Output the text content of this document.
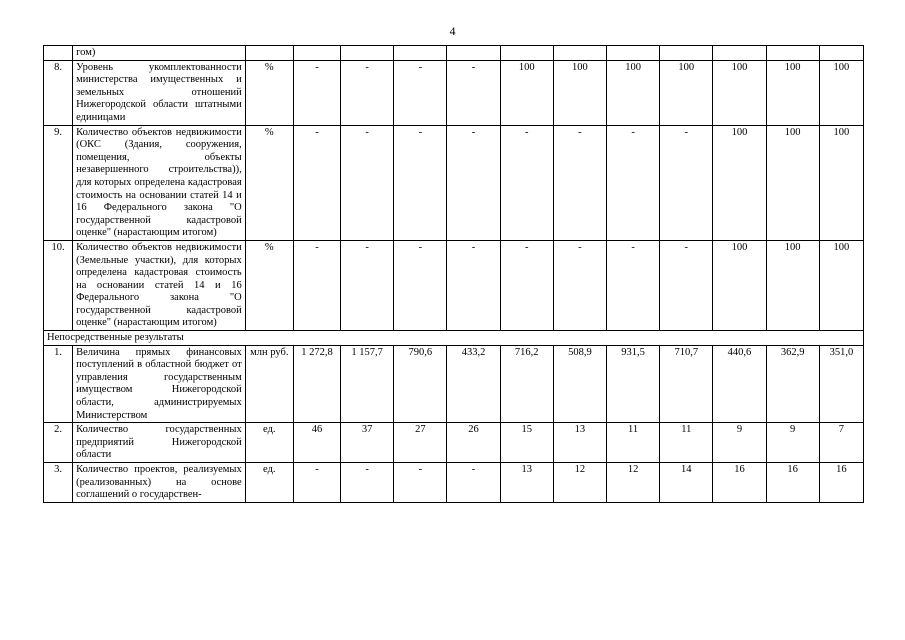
4
	гом)												
8.	Уровень укомплектованности министерства имущественных и земельных отношений Нижегородской области штатными единицами	%	-	-	-	-	100	100	100	100	100	100	100
9.	Количество объектов недвижимости (ОКС (Здания, сооружения, помещения, объекты незавершенного строительства)), для которых определена кадастровая стоимость на основании статей 14 и 16 Федерального закона "О государственной кадастровой оценке" (нарастающим итогом)	%	-	-	-	-	-	-	-	-	100	100	100
10.	Количество объектов недвижимости (Земельные участки), для которых определена кадастровая стоимость на основании статей 14 и 16 Федерального закона "О государственной кадастровой оценке" (нарастающим итогом)	%	-	-	-	-	-	-	-	-	100	100	100
Непосредственные результаты													
1.	Величина прямых финансовых поступлений в областной бюджет от управления государственным имуществом Нижегородской области, администрируемых Министерством	млн руб.	1 272,8	1 157,7	790,6	433,2	716,2	508,9	931,5	710,7	440,6	362,9	351,0
2.	Количество государственных предприятий Нижегородской области	ед.	46	37	27	26	15	13	11	11	9	9	7
3.	Количество проектов, реализуемых (реализованных) на основе соглашений о государствен-	ед.	-	-	-	-	13	12	12	14	16	16	16
